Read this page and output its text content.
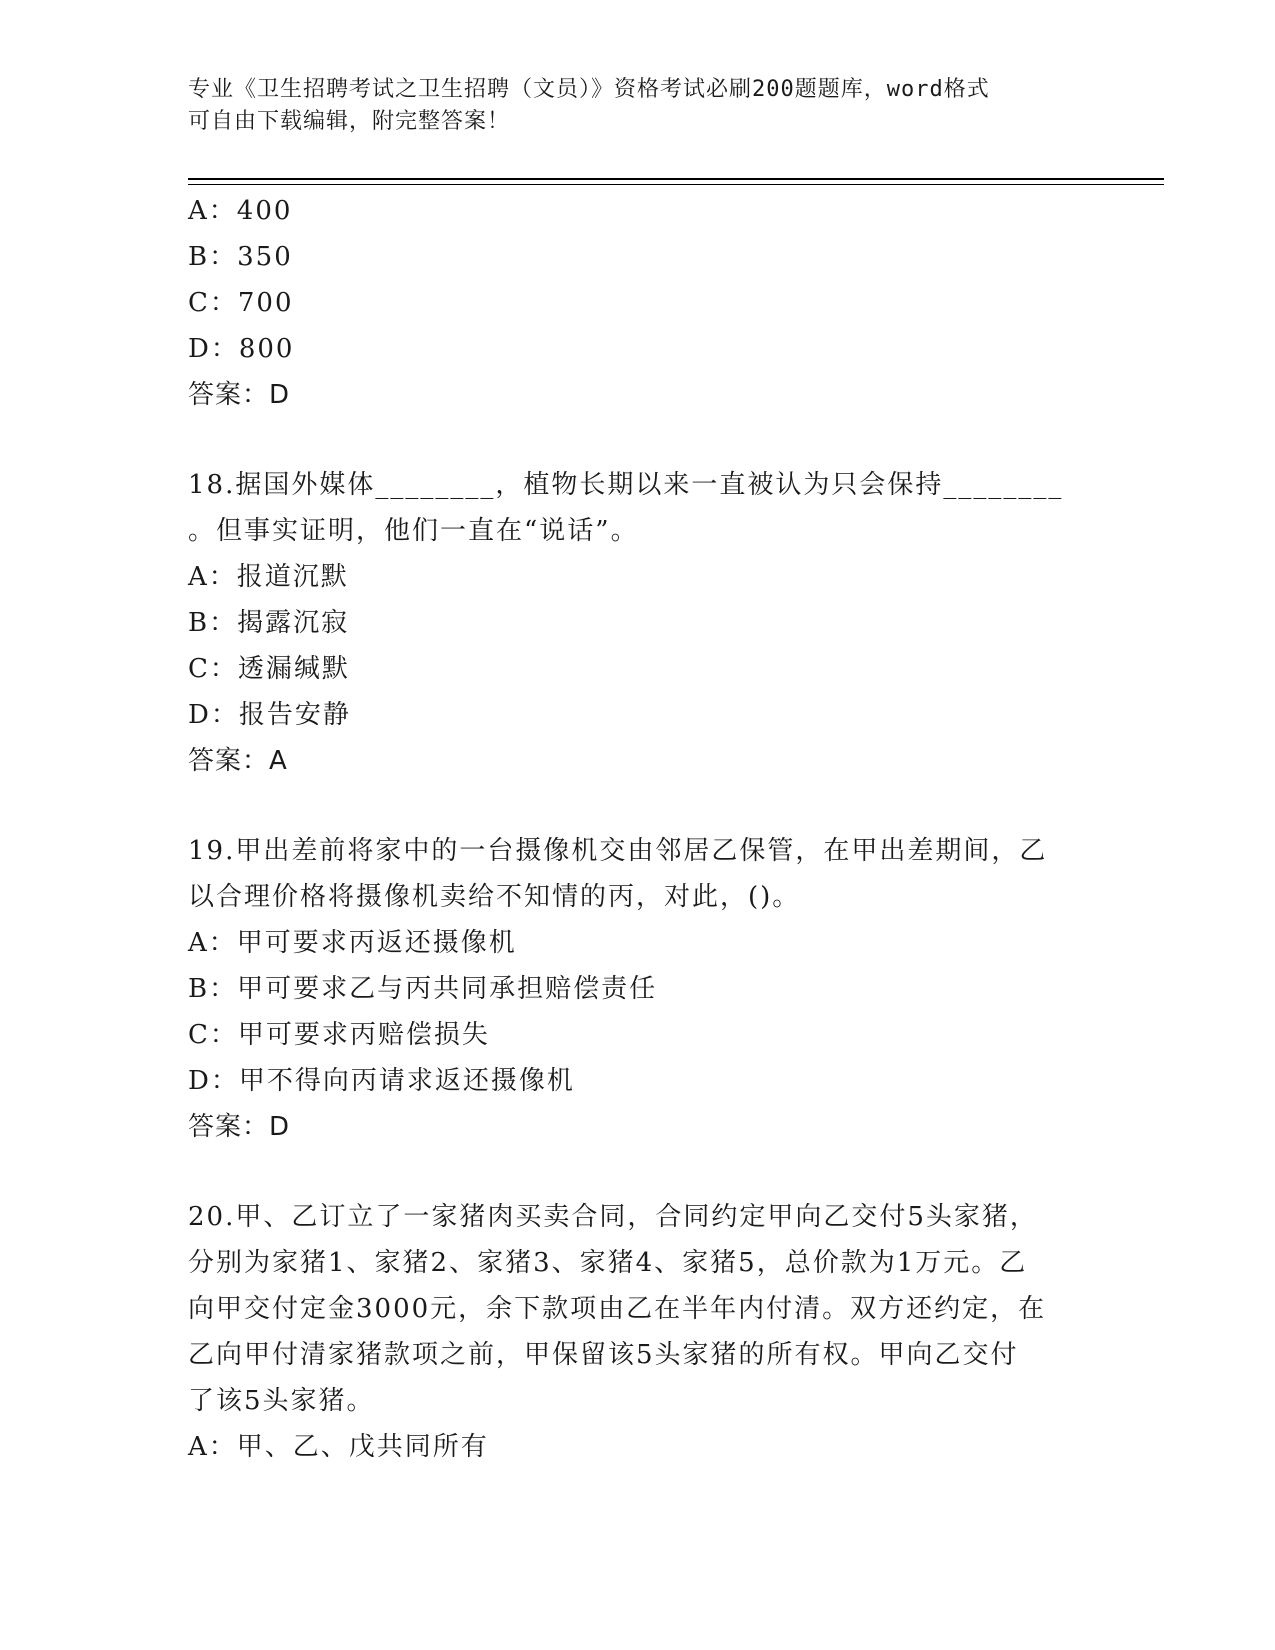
专业《卫生招聘考试之卫生招聘（文员）》资格考试必刷200题题库，word格式
可自由下载编辑，附完整答案！
A：400
B：350
C：700
D：800
答案：D
18.据国外媒体________，植物长期以来一直被认为只会保持________
。但事实证明，他们一直在“说话”。
A：报道沉默
B：揭露沉寂
C：透漏缄默
D：报告安静
答案：A
19.甲出差前将家中的一台摄像机交由邻居乙保管，在甲出差期间，乙
以合理价格将摄像机卖给不知情的丙，对此，()。
A：甲可要求丙返还摄像机
B：甲可要求乙与丙共同承担赔偿责任
C：甲可要求丙赔偿损失
D：甲不得向丙请求返还摄像机
答案：D
20.甲、乙订立了一家猪肉买卖合同，合同约定甲向乙交付5头家猪，
分别为家猪1、家猪2、家猪3、家猪4、家猪5，总价款为1万元。乙
向甲交付定金3000元，余下款项由乙在半年内付清。双方还约定，在
乙向甲付清家猪款项之前，甲保留该5头家猪的所有权。甲向乙交付
了该5头家猪。
A：甲、乙、戊共同所有
